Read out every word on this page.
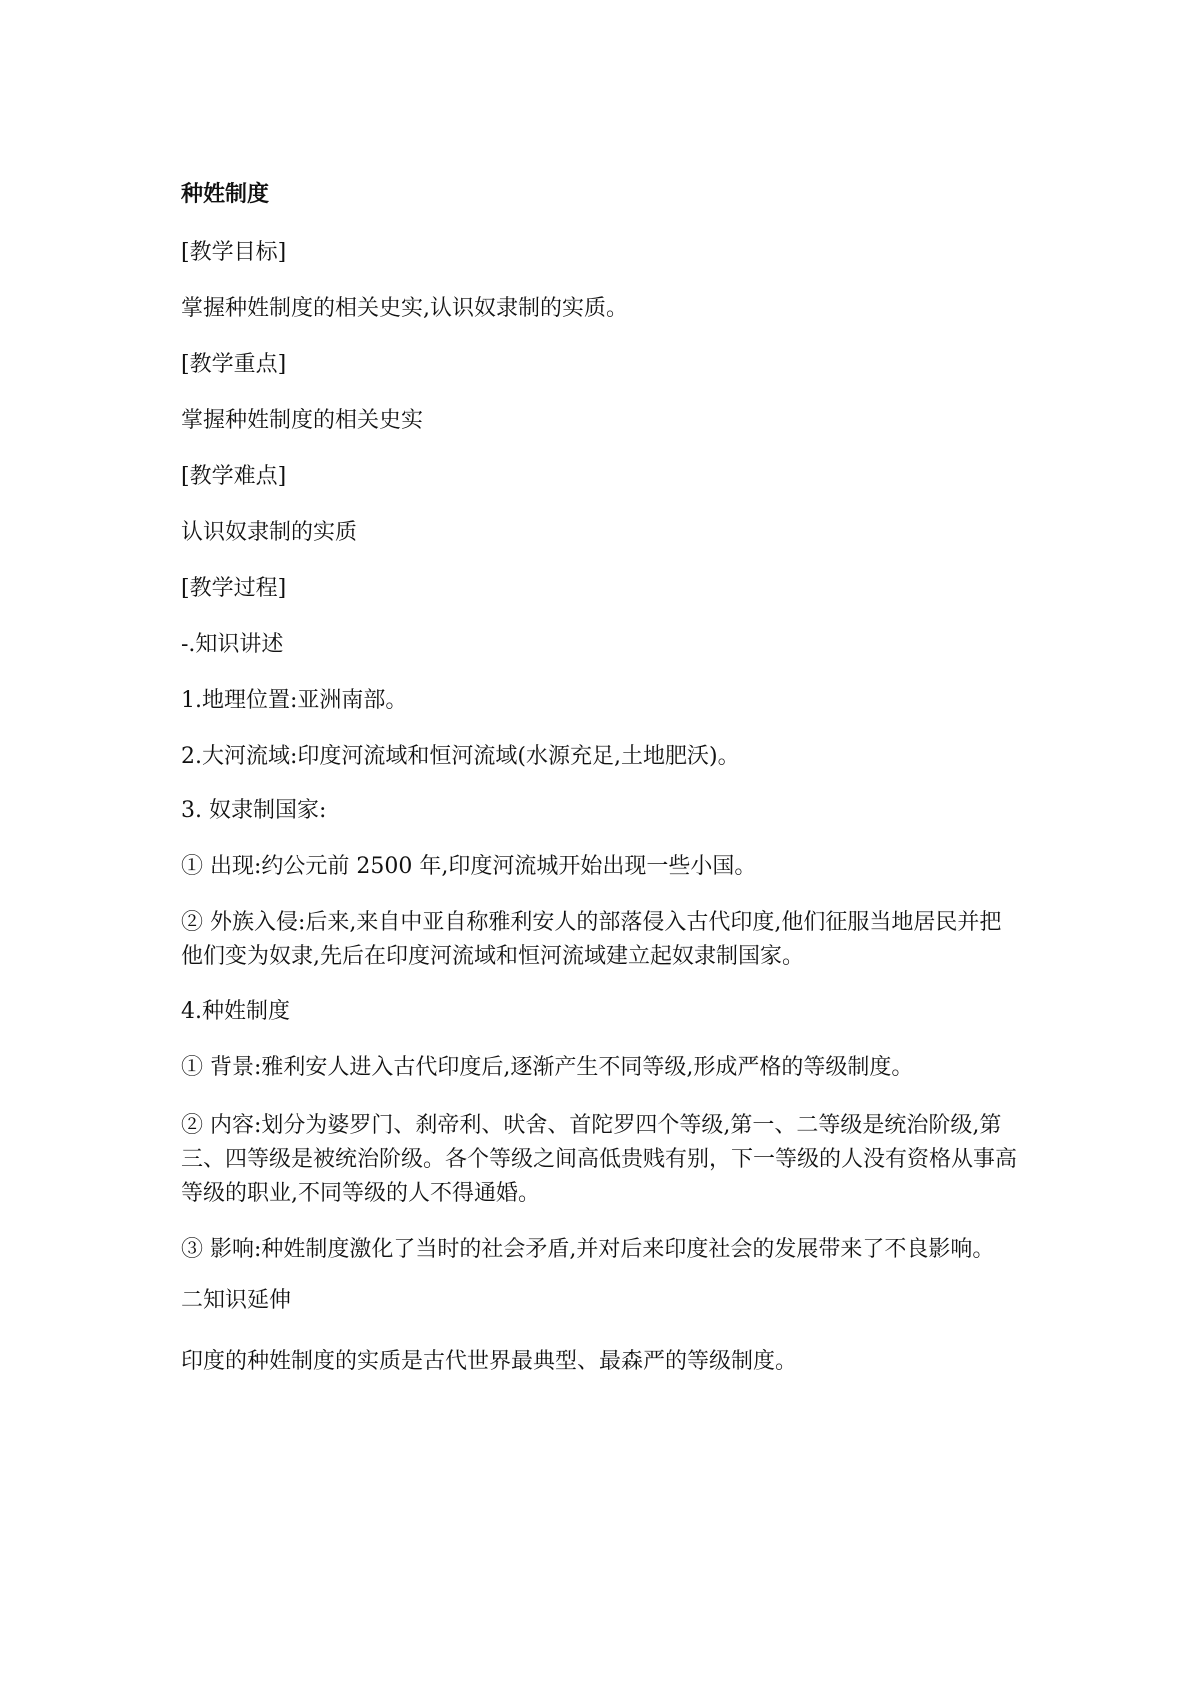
种姓制度
[教学目标]
掌握种姓制度的相关史实,认识奴隶制的实质。
[教学重点]
掌握种姓制度的相关史实
[教学难点]
认识奴隶制的实质
[教学过程]
-.知识讲述
1.地理位置:亚洲南部。
2.大河流域:印度河流域和恒河流域(水源充足,土地肥沃)。
3. 奴隶制国家:
① 出现:约公元前 2500 年,印度河流城开始出现一些小国。
② 外族入侵:后来,来自中亚自称雅利安人的部落侵入古代印度,他们征服当地居民并把他们变为奴隶,先后在印度河流域和恒河流域建立起奴隶制国家。
4.种姓制度
① 背景:雅利安人进入古代印度后,逐渐产生不同等级,形成严格的等级制度。
② 内容:划分为婆罗门、刹帝利、吠舍、首陀罗四个等级,第一、二等级是统治阶级,第三、四等级是被统治阶级。各个等级之间高低贵贱有别，下一等级的人没有资格从事高等级的职业,不同等级的人不得通婚。
③ 影响:种姓制度激化了当时的社会矛盾,并对后来印度社会的发展带来了不良影响。
二知识延伸
印度的种姓制度的实质是古代世界最典型、最森严的等级制度。
